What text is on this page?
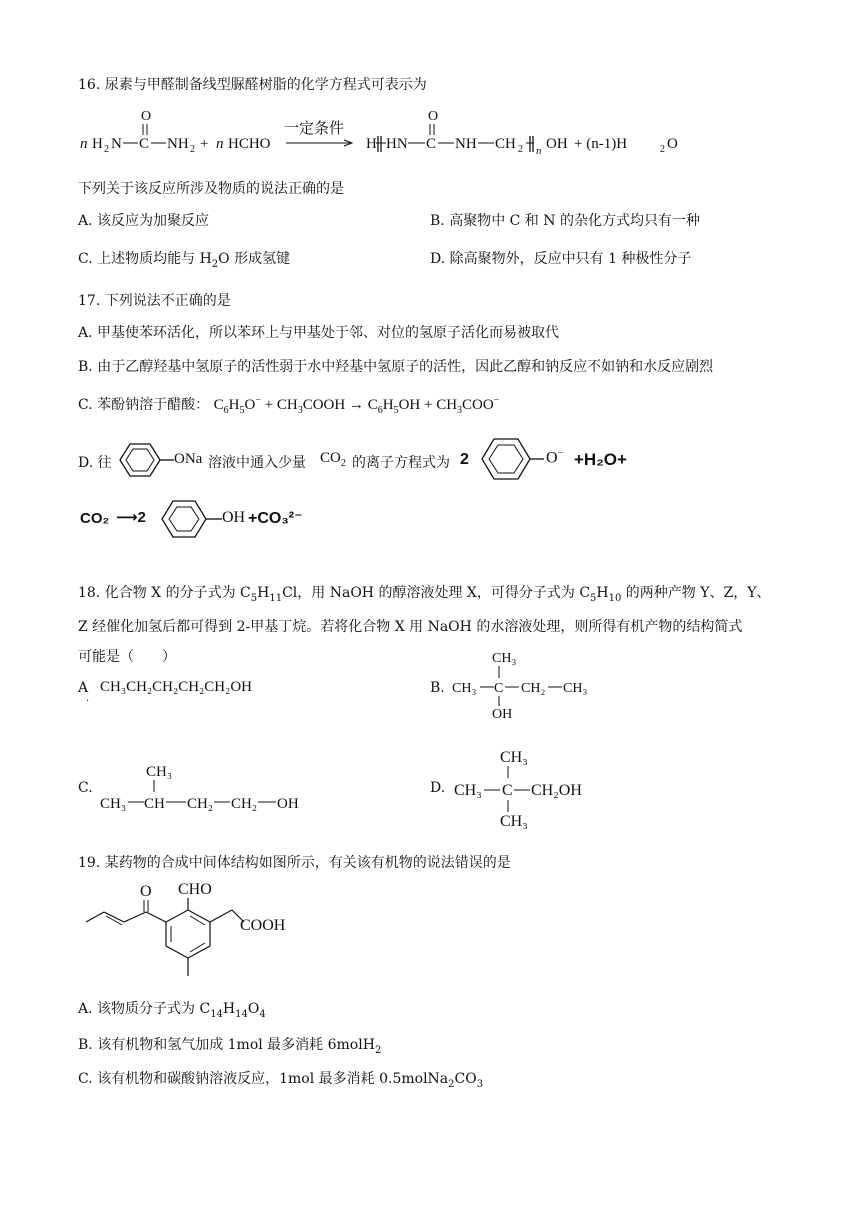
16. 尿素与甲醛制备线型脲醛树脂的化学方程式可表示为
n H 2 N C
O
NH 2 + n HCHO
一定条件
H HN C
O
NH CH 2 n OH + (n-1)H	2 O
下列关于该反应所涉及物质的说法正确的是
A. 该反应为加聚反应	B. 高聚物中 C 和 N 的杂化方式均只有一种
C. 上述物质均能与 $H_2O$ 形成氢键	D. 除高聚物外，反应中只有 1 种极性分子
17. 下列说法不正确的是
A. 甲基使苯环活化，所以苯环上与甲基处于邻、对位的氢原子活化而易被取代
B. 由于乙醇羟基中氢原子的活性弱于水中羟基中氢原子的活性，因此乙醇和钠反应不如钠和水反应剧烈
C. 苯酚钠溶于醋酸： $C_6H_5O^-$ + $CH_3COOH \to C_6H_5OH + CH_3COO^-$
D. 往	ONa 溶液中通入少量 $CO_2$ 的离子方程式为 2	O− +H₂O+
CO₂ ⟶2	OH +CO₃²⁻
18. 化合物 X 的分子式为 $C_5H_{11}Cl$，用 NaOH 的醇溶液处理 X，可得分子式为 $C_5H_{10}$ 的两种产物 Y、Z，Y、
Z 经催化加氢后都可得到 2-甲基丁烷。若将化合物 X 用 NaOH 的水溶液处理，则所得有机产物的结构简式
可能是（　　）
A
·
CH₃CH₂CH₂CH₂CH₂OH	B.
CH₃
CH₃ C CH₂ CH₃
OH
C.
CH₃
CH₃ CH CH₂ CH₂ OH
D.
CH₃
CH₃ C CH₂OH
CH₃
19. 某药物的合成中间体结构如图所示，有关该有机物的说法错误的是
O CHO
COOH
A. 该物质分子式为 $C_{14}H_{14}O_4$
B. 该有机物和氢气加成 1mol 最多消耗 6molH$_2$
C. 该有机物和碳酸钠溶液反应，1mol 最多消耗 $0.5molNa_2CO_3$
